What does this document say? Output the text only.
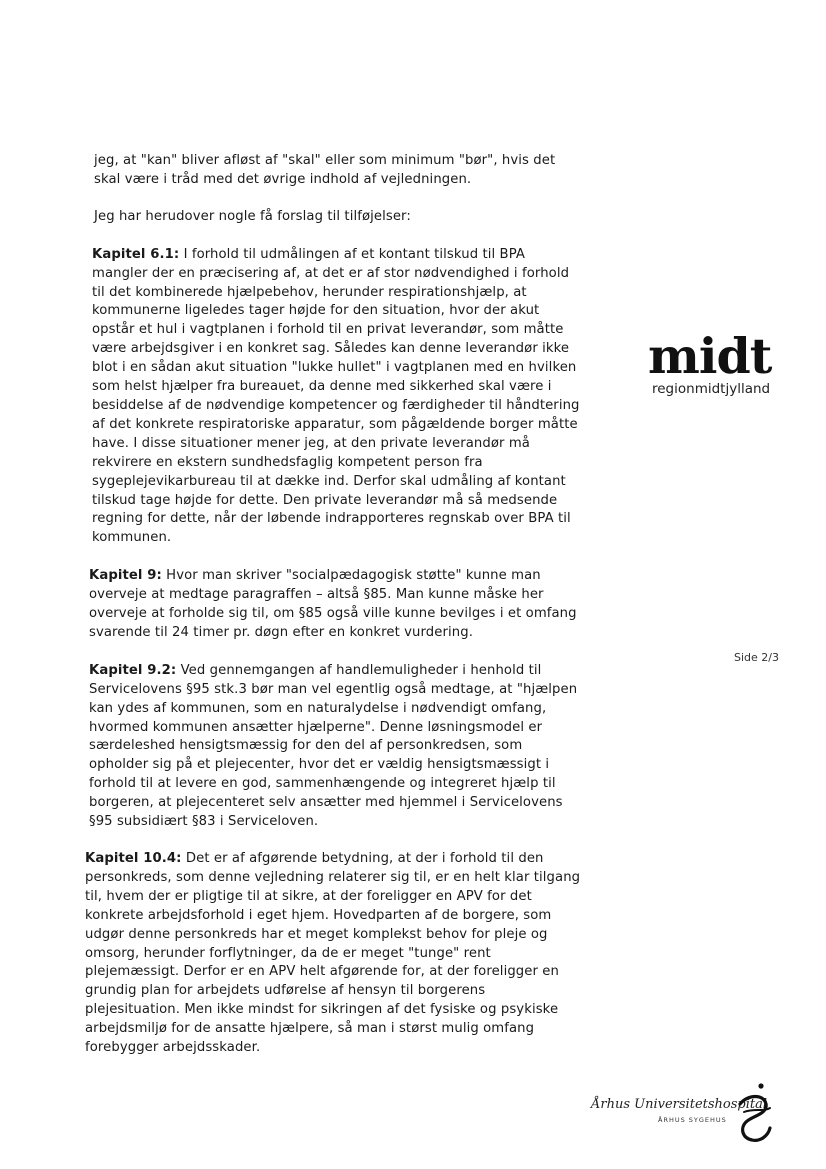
jeg, at "kan" bliver afløst af "skal" eller som minimum "bør", hvis det skal være i tråd med det øvrige indhold af vejledningen.

Jeg har herudover nogle få forslag til tilføjelser:

Kapitel 6.1: I forhold til udmålingen af et kontant tilskud til BPA mangler der en præcisering af, at det er af stor nødvendighed i forhold til det kombinerede hjælpebehov, herunder respirationshjælp, at kommunerne ligeledes tager højde for den situation, hvor der akut opstår et hul i vagtplanen i forhold til en privat leverandør, som måtte være arbejdsgiver i en konkret sag. Således kan denne leverandør ikke blot i en sådan akut situation "lukke hullet" i vagtplanen med en hvilken som helst hjælper fra bureauet, da denne med sikkerhed skal være i besiddelse af de nødvendige kompetencer og færdigheder til håndtering af det konkrete respiratoriske apparatur, som pågældende borger måtte have. I disse situationer mener jeg, at den private leverandør må rekvirere en ekstern sundhedsfaglig kompetent person fra sygeplejevikarbureau til at dække ind. Derfor skal udmåling af kontant tilskud tage højde for dette. Den private leverandør må så medsende regning for dette, når der løbende indrapporteres regnskab over BPA til kommunen.

Kapitel 9: Hvor man skriver "socialpædagogisk støtte" kunne man overveje at medtage paragraffen – altså §85. Man kunne måske her overveje at forholde sig til, om §85 også ville kunne bevilges i et omfang svarende til 24 timer pr. døgn efter en konkret vurdering.

Kapitel 9.2: Ved gennemgangen af handlemuligheder i henhold til Servicelovens §95 stk.3 bør man vel egentlig også medtage, at "hjælpen kan ydes af kommunen, som en naturalydelse i nødvendigt omfang, hvormed kommunen ansætter hjælperne". Denne løsningsmodel er særdeleshed hensigtsmæssig for den del af personkredsen, som opholder sig på et plejecenter, hvor det er vældig hensigtsmæssigt i forhold til at levere en god, sammenhængende og integreret hjælp til borgeren, at plejecenteret selv ansætter med hjemmel i Servicelovens §95 subsidiært §83 i Serviceloven.

Kapitel 10.4: Det er af afgørende betydning, at der i forhold til den personkreds, som denne vejledning relaterer sig til, er en helt klar tilgang til, hvem der er pligtige til at sikre, at der foreligger en APV for det konkrete arbejdsforhold i eget hjem. Hovedparten af de borgere, som udgør denne personkreds har et meget komplekst behov for pleje og omsorg, herunder forflytninger, da de er meget "tunge" rent plejemæssigt. Derfor er en APV helt afgørende for, at der foreligger en grundig plan for arbejdets udførelse af hensyn til borgerens plejesituation. Men ikke mindst for sikringen af det fysiske og psykiske arbejdsmiljø for de ansatte hjælpere, så man i størst mulig omfang forebygger arbejdsskader.

midt
regionmidtjylland
Side 2/3
Århus Universitetshospital
ÅRHUS SYGEHUS
